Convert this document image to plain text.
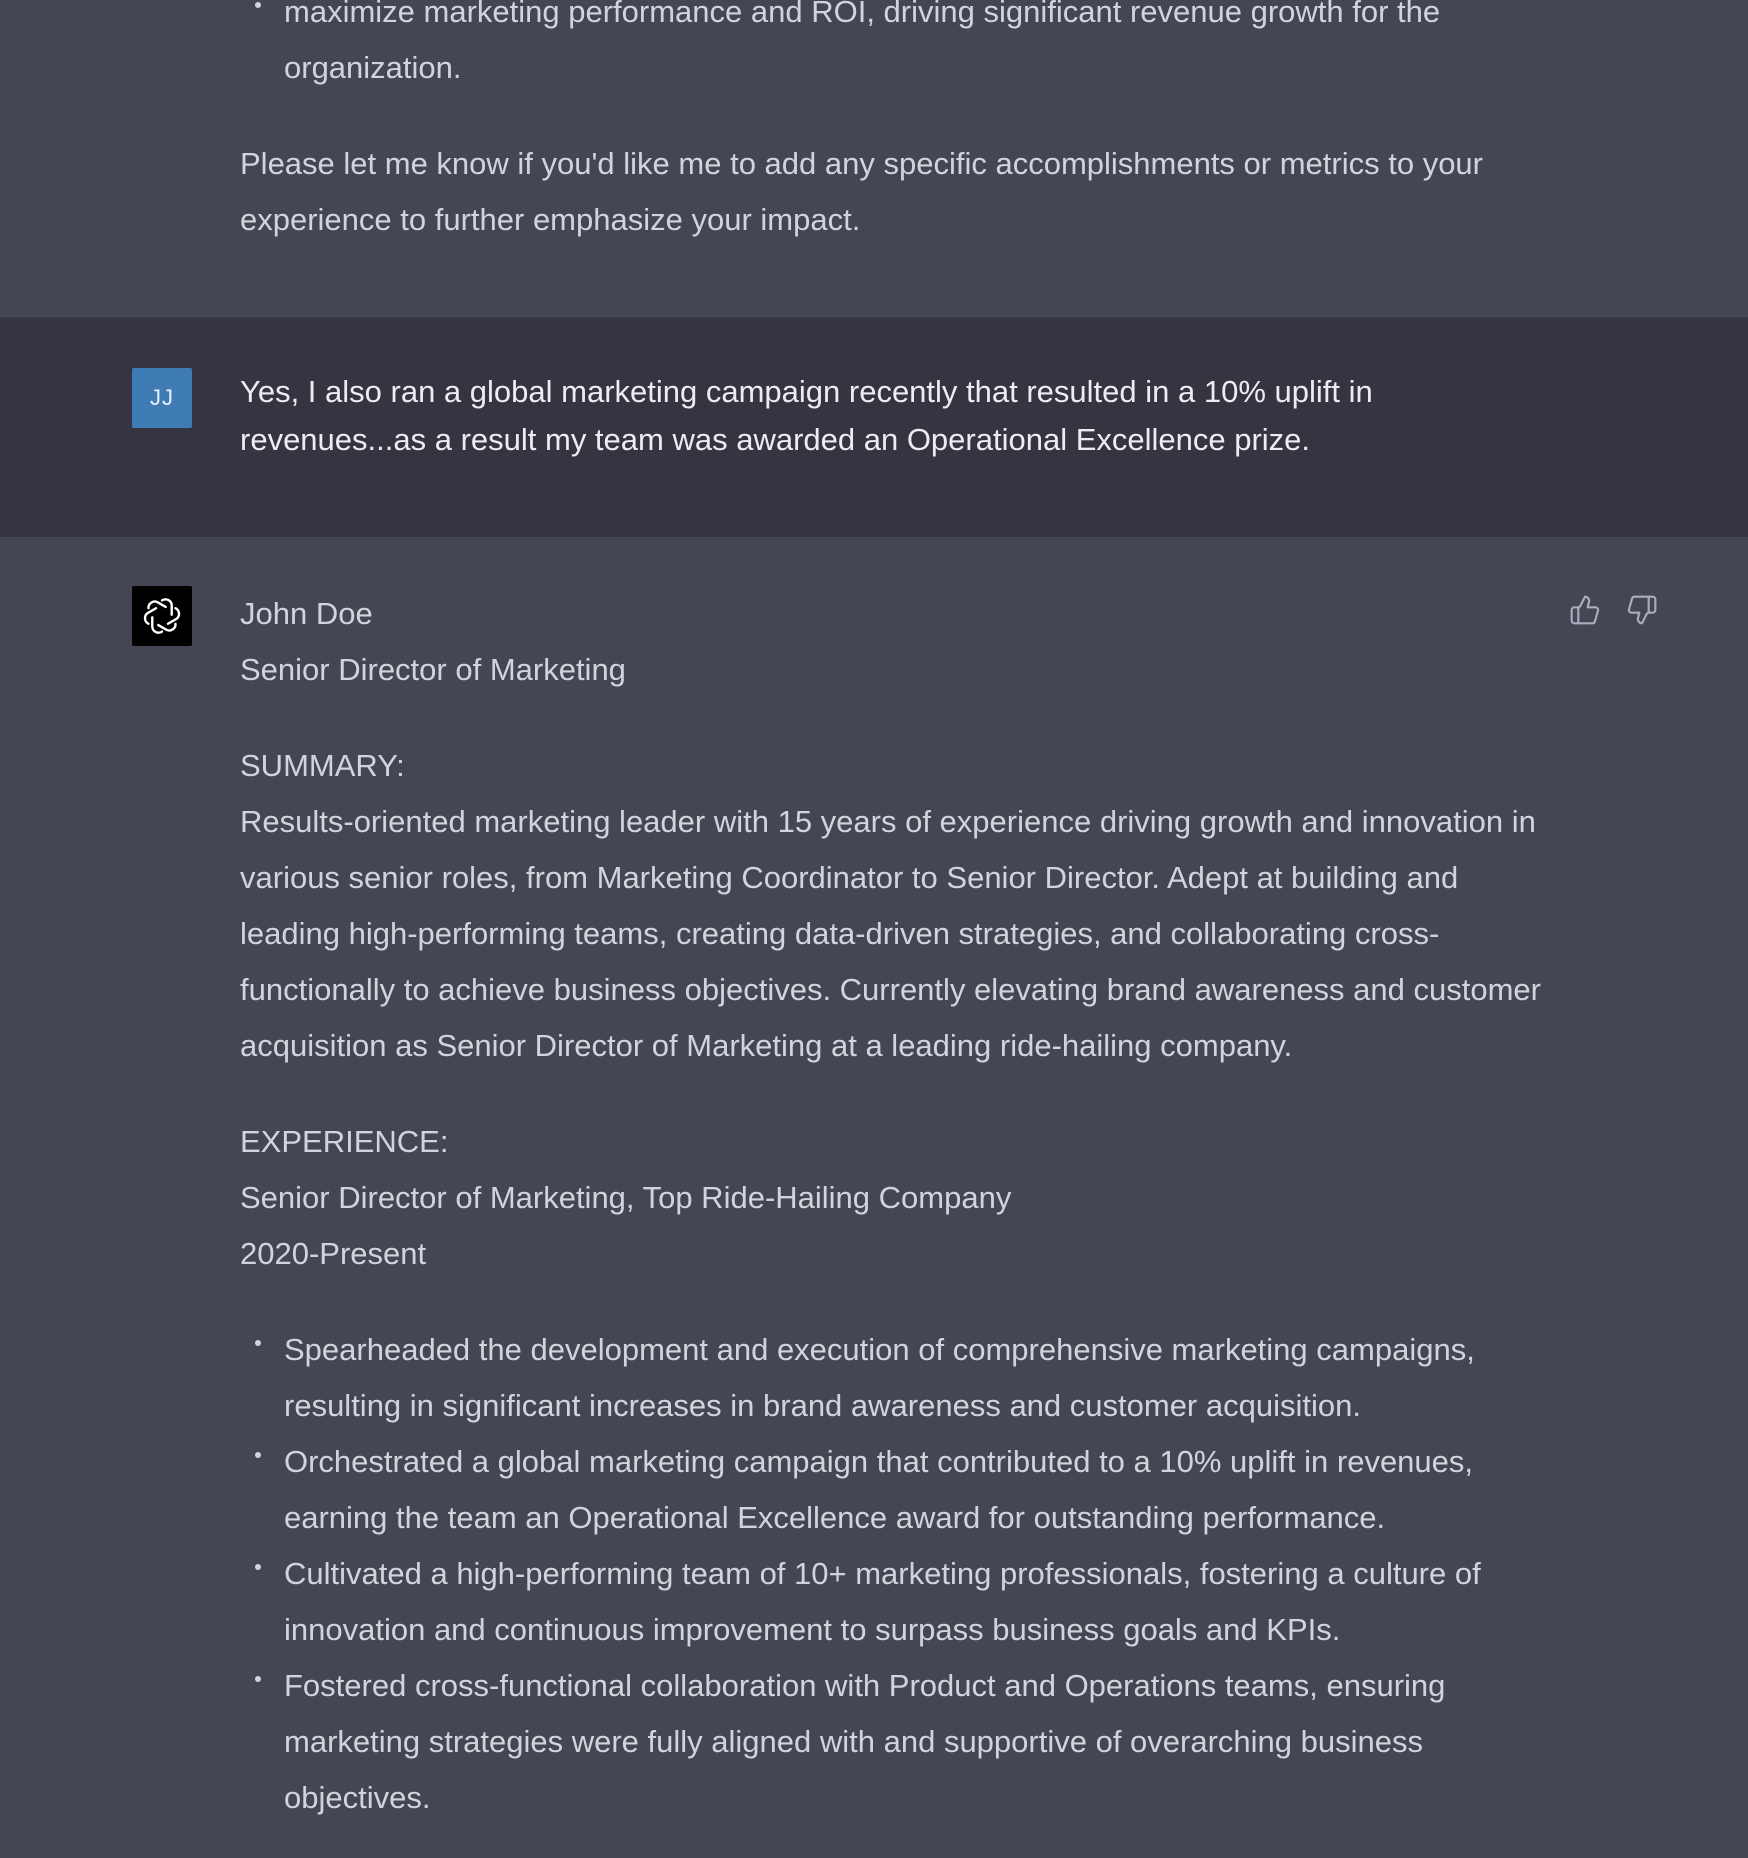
maximize marketing performance and ROI, driving significant revenue growth for the
organization.

Please let me know if you'd like me to add any specific accomplishments or metrics to your experience to further emphasize your impact.

JJ	Yes, I also ran a global marketing campaign recently that resulted in a 10% uplift in revenues...as a result my team was awarded an Operational Excellence prize.

John Doe

Senior Director of Marketing

SUMMARY:

Results-oriented marketing leader with 15 years of experience driving growth and innovation in various senior roles, from Marketing Coordinator to Senior Director. Adept at building and leading high-performing teams, creating data-driven strategies, and collaborating cross-functionally to achieve business objectives. Currently elevating brand awareness and customer acquisition as Senior Director of Marketing at a leading ride-hailing company.

EXPERIENCE:

Senior Director of Marketing, Top Ride-Hailing Company

2020-Present

Spearheaded the development and execution of comprehensive marketing campaigns, resulting in significant increases in brand awareness and customer acquisition.
Orchestrated a global marketing campaign that contributed to a 10% uplift in revenues, earning the team an Operational Excellence award for outstanding performance.
Cultivated a high-performing team of 10+ marketing professionals, fostering a culture of innovation and continuous improvement to surpass business goals and KPIs.
Fostered cross-functional collaboration with Product and Operations teams, ensuring marketing strategies were fully aligned with and supportive of overarching business objectives.
